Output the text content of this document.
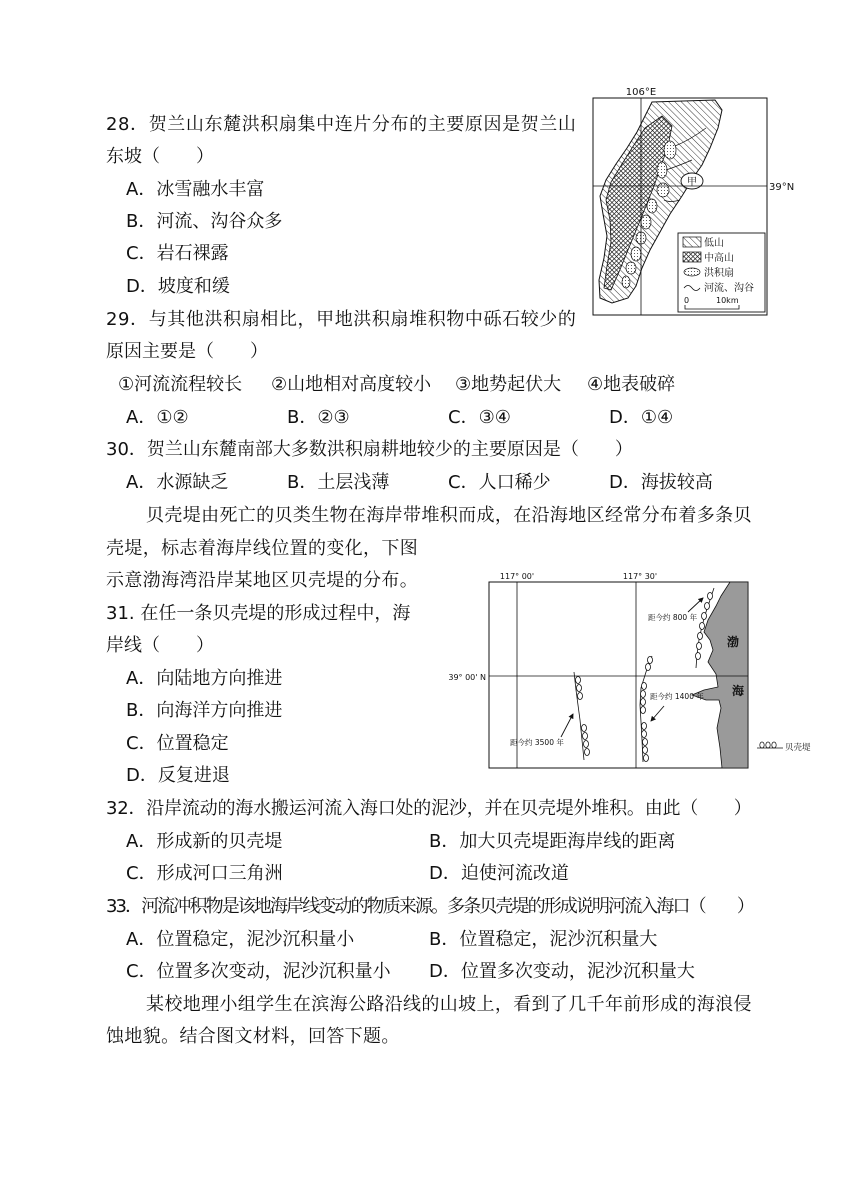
28．贺兰山东麓洪积扇集中连片分布的主要原因是贺兰山
东坡（　　）
A．冰雪融水丰富
B．河流、沟谷众多
C．岩石裸露
D．坡度和缓
29．与其他洪积扇相比，甲地洪积扇堆积物中砾石较少的
原因主要是（　　）
①河流流程较长 ②山地相对高度较小 ③地势起伏大 ④地表破碎
A．①②	B．②③	C．③④	D．①④
30．贺兰山东麓南部大多数洪积扇耕地较少的主要原因是（　　）
A．水源缺乏	B．土层浅薄	C．人口稀少	D．海拔较高
贝壳堤由死亡的贝类生物在海岸带堆积而成，在沿海地区经常分布着多条贝
壳堤，标志着海岸线位置的变化，下图
示意渤海湾沿岸某地区贝壳堤的分布。
31. 在任一条贝壳堤的形成过程中，海
岸线（　　）
A．向陆地方向推进
B．向海洋方向推进
C．位置稳定
D．反复进退
32．沿岸流动的海水搬运河流入海口处的泥沙，并在贝壳堤外堆积。由此（　　）
A．形成新的贝壳堤	B．加大贝壳堤距海岸线的距离
C．形成河口三角洲	D．迫使河流改道
33．河流冲积物是该地海岸线变动的物质来源。多条贝壳堤的形成说明河流入海口（　　）
A．位置稳定，泥沙沉积量小	B．位置稳定，泥沙沉积量大
C．位置多次变动，泥沙沉积量小 D．位置多次变动，泥沙沉积量大
某校地理小组学生在滨海公路沿线的山坡上，看到了几千年前形成的海浪侵
蚀地貌。结合图文材料，回答下题。
甲
106°E
39°N
低山
中高山
洪积扇
河流、沟谷
0	10km
117° 00'	117° 30'
39° 00' N
距今约 800 年
距今约 1400 年
距今约 3500 年
渤
海
贝壳堤
